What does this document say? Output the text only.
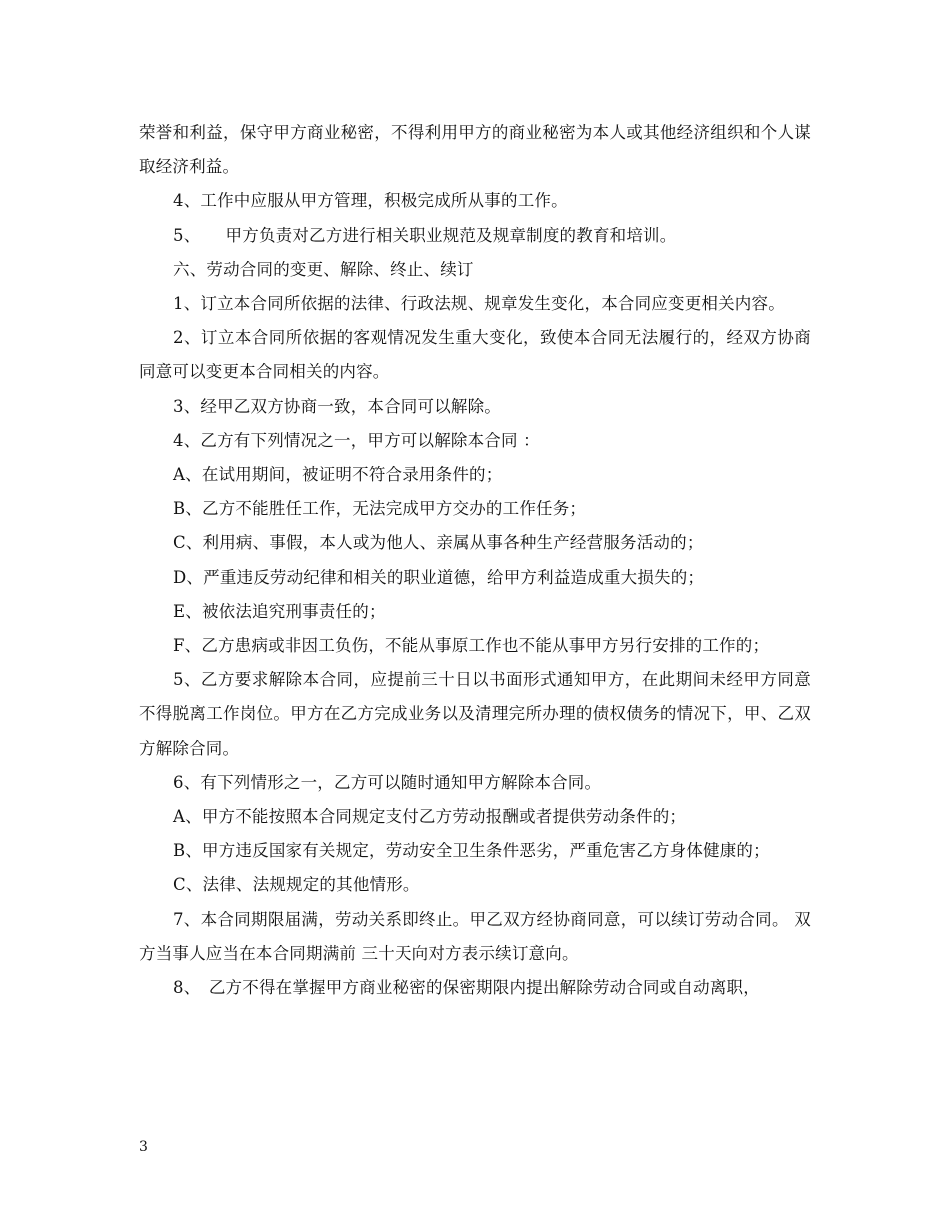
荣誉和利益，保守甲方商业秘密，不得利用甲方的商业秘密为本人或其他经济组织和个人谋取经济利益。

4、工作中应服从甲方管理，积极完成所从事的工作。

5、　　甲方负责对乙方进行相关职业规范及规章制度的教育和培训。

六、劳动合同的变更、解除、终止、续订

1、订立本合同所依据的法律、行政法规、规章发生变化，本合同应变更相关内容。

2、订立本合同所依据的客观情况发生重大变化，致使本合同无法履行的，经双方协商同意可以变更本合同相关的内容。

3、经甲乙双方协商一致，本合同可以解除。

4、乙方有下列情况之一，甲方可以解除本合同 ：

A、在试用期间，被证明不符合录用条件的；

B、乙方不能胜任工作，无法完成甲方交办的工作任务；

C、利用病、事假，本人或为他人、亲属从事各种生产经营服务活动的；

D、严重违反劳动纪律和相关的职业道德，给甲方利益造成重大损失的；

E、被依法追究刑事责任的；

F、乙方患病或非因工负伤，不能从事原工作也不能从事甲方另行安排的工作的；

5、乙方要求解除本合同，应提前三十日以书面形式通知甲方，在此期间未经甲方同意不得脱离工作岗位。甲方在乙方完成业务以及清理完所办理的债权债务的情况下，甲、乙双方解除合同。

6、有下列情形之一，乙方可以随时通知甲方解除本合同。

A、甲方不能按照本合同规定支付乙方劳动报酬或者提供劳动条件的；

B、甲方违反国家有关规定，劳动安全卫生条件恶劣，严重危害乙方身体健康的；

C、法律、法规规定的其他情形。

7、本合同期限届满，劳动关系即终止。甲乙双方经协商同意，可以续订劳动合同。 双方当事人应当在本合同期满前 三十天向对方表示续订意向。

8、　乙方不得在掌握甲方商业秘密的保密期限内提出解除劳动合同或自动离职，

3
